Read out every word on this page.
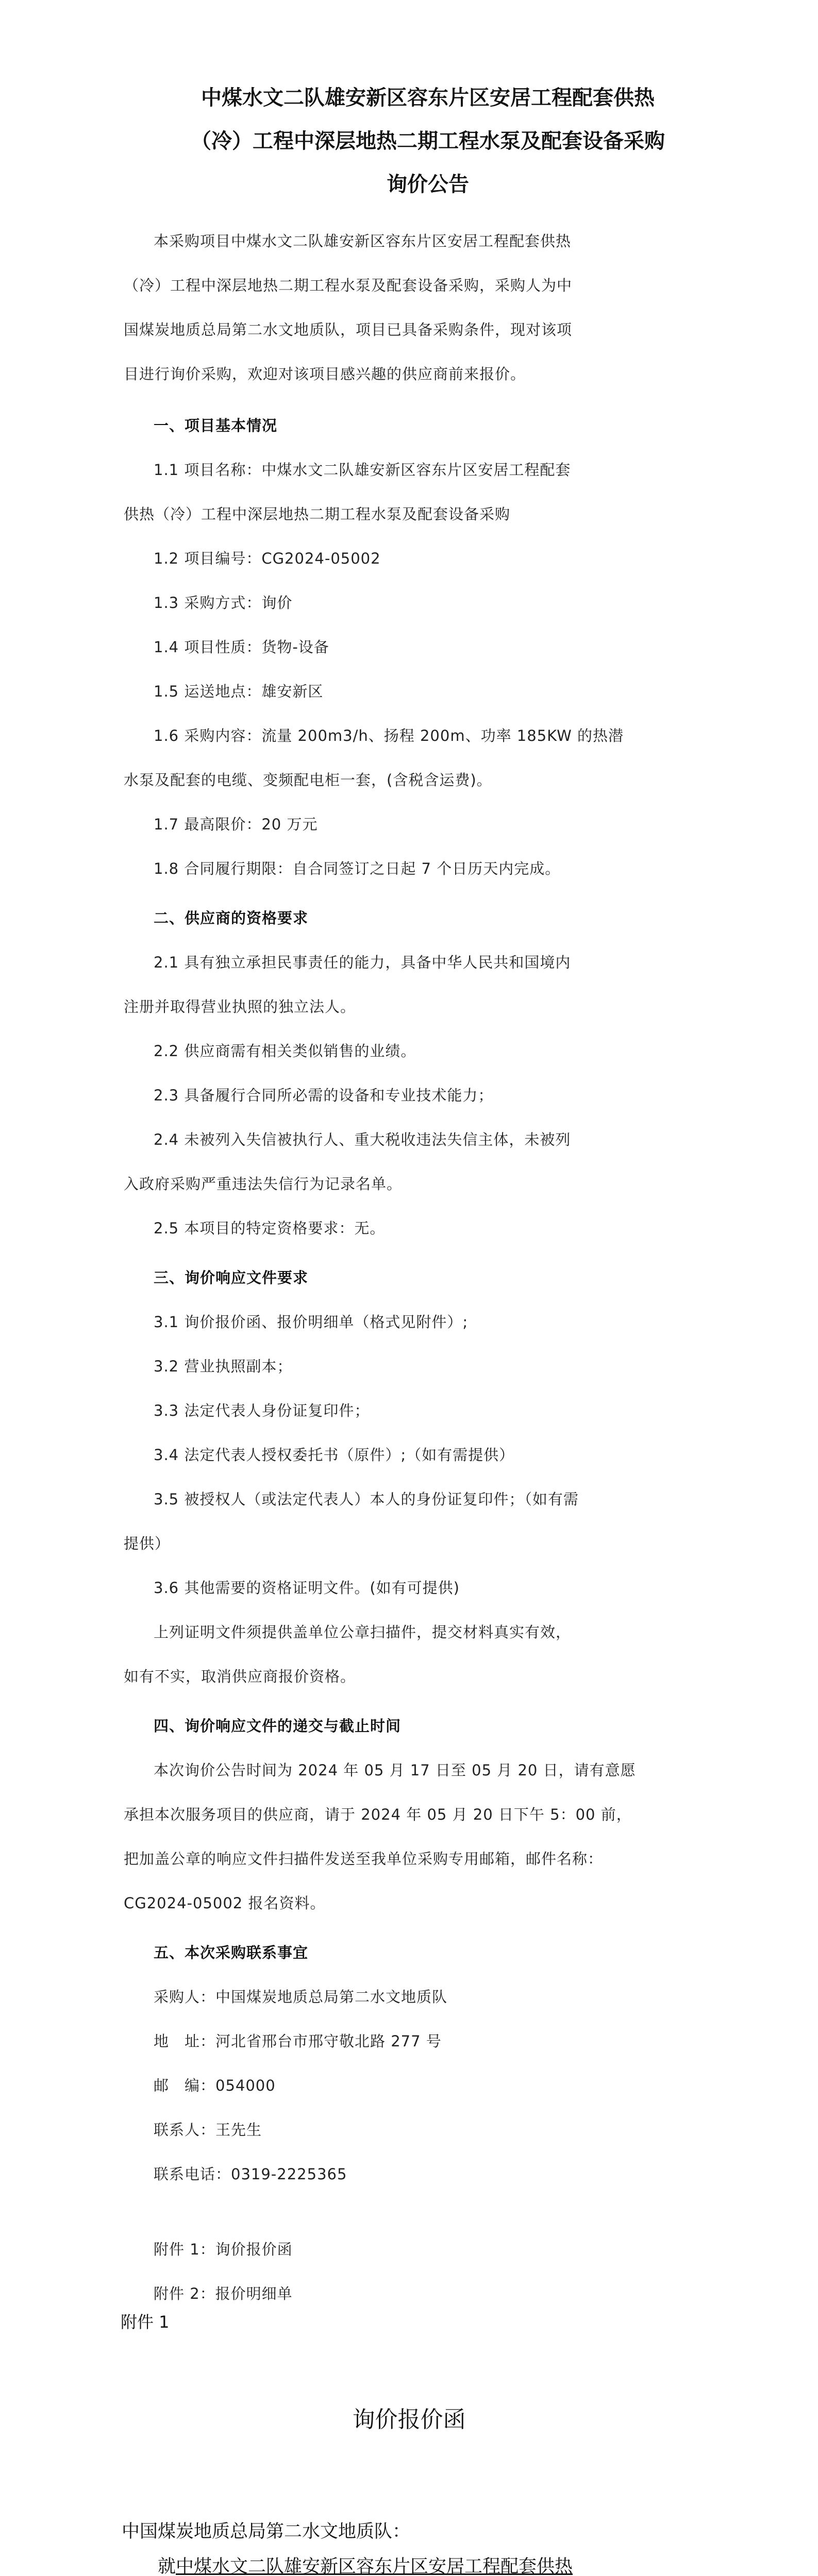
中煤水文二队雄安新区容东片区安居工程配套供热
（冷）工程中深层地热二期工程水泵及配套设备采购
询价公告

本采购项目中煤水文二队雄安新区容东片区安居工程配套供热

（冷）工程中深层地热二期工程水泵及配套设备采购，采购人为中

国煤炭地质总局第二水文地质队，项目已具备采购条件，现对该项

目进行询价采购，欢迎对该项目感兴趣的供应商前来报价。

一、项目基本情况

1.1 项目名称：中煤水文二队雄安新区容东片区安居工程配套

供热（冷）工程中深层地热二期工程水泵及配套设备采购

1.2 项目编号：CG2024-05002

1.3 采购方式：询价

1.4 项目性质：货物-设备

1.5 运送地点：雄安新区

1.6 采购内容：流量 200m3/h、扬程 200m、功率 185KW 的热潜

水泵及配套的电缆、变频配电柜一套，(含税含运费)。

1.7 最高限价：20 万元

1.8 合同履行期限：自合同签订之日起 7 个日历天内完成。

二、供应商的资格要求

2.1 具有独立承担民事责任的能力，具备中华人民共和国境内

注册并取得营业执照的独立法人。

2.2 供应商需有相关类似销售的业绩。

2.3 具备履行合同所必需的设备和专业技术能力；

2.4 未被列入失信被执行人、重大税收违法失信主体，未被列

入政府采购严重违法失信行为记录名单。

2.5 本项目的特定资格要求：无。

三、询价响应文件要求

3.1 询价报价函、报价明细单（格式见附件）;

3.2 营业执照副本；

3.3 法定代表人身份证复印件；

3.4 法定代表人授权委托书（原件）;（如有需提供）

3.5 被授权人（或法定代表人）本人的身份证复印件；（如有需

提供）

3.6 其他需要的资格证明文件。(如有可提供)

上列证明文件须提供盖单位公章扫描件，提交材料真实有效，

如有不实，取消供应商报价资格。

四、询价响应文件的递交与截止时间

本次询价公告时间为 2024 年 05 月 17 日至 05 月 20 日，请有意愿

承担本次服务项目的供应商，请于 2024 年 05 月 20 日下午 5：00 前，

把加盖公章的响应文件扫描件发送至我单位采购专用邮箱，邮件名称：

CG2024-05002 报名资料。

五、本次采购联系事宜

采购人：中国煤炭地质总局第二水文地质队

地　址：河北省邢台市邢守敬北路 277 号

邮　编：054000

联系人：王先生

联系电话：0319-2225365

附件 1：询价报价函

附件 2：报价明细单

附件 1
询价报价函

中国煤炭地质总局第二水文地质队：

就中煤水文二队雄安新区容东片区安居工程配套供热
